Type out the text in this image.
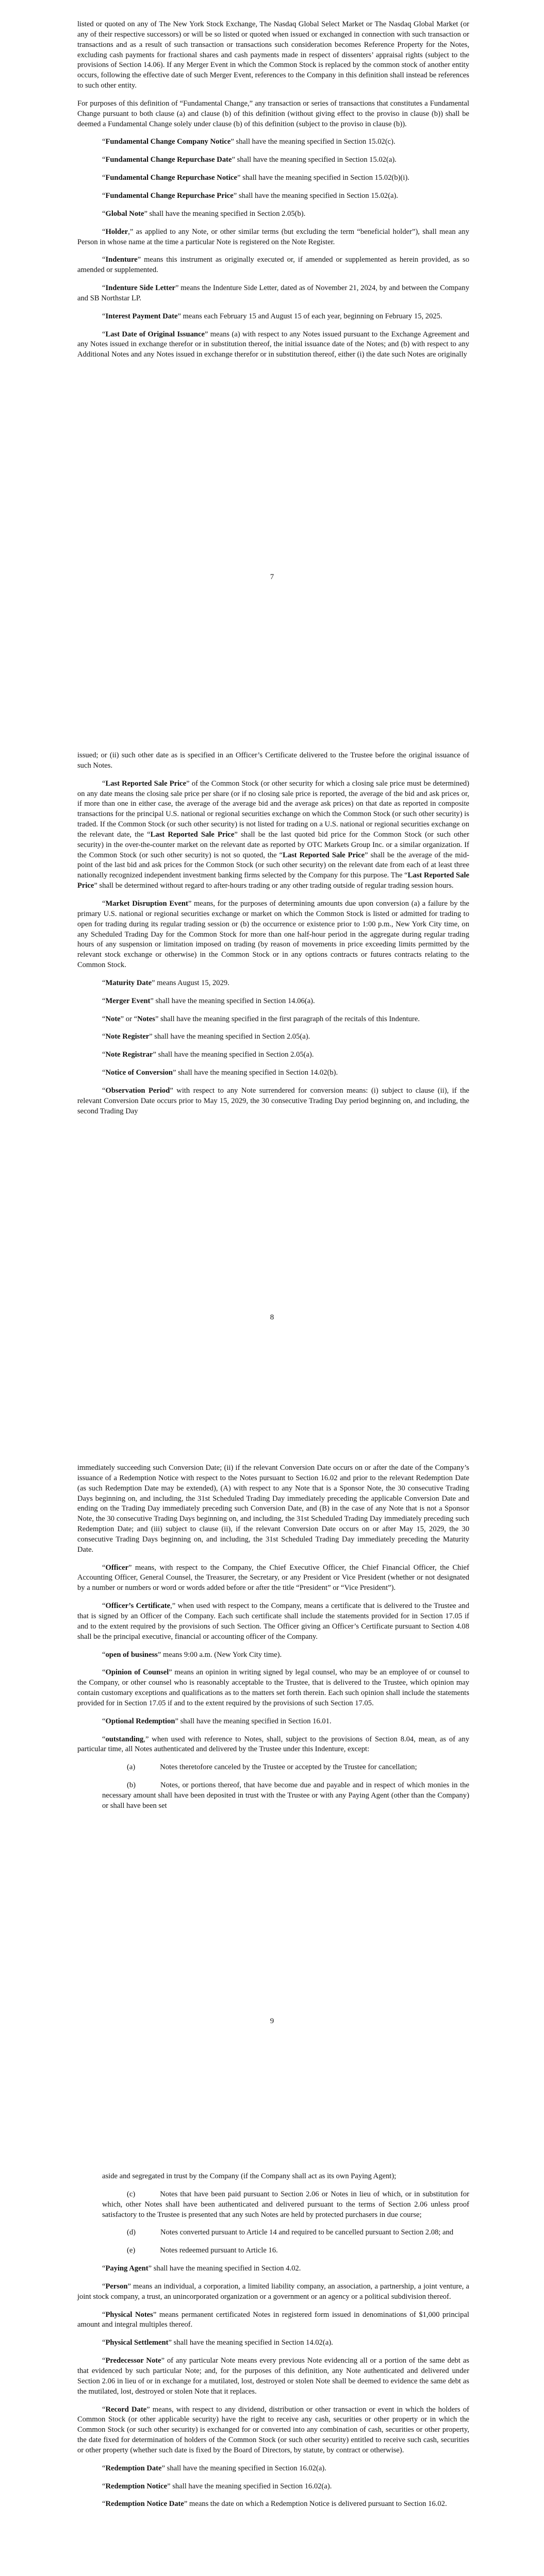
listed or quoted on any of The New York Stock Exchange, The Nasdaq Global Select Market or The Nasdaq Global Market (or any of their respective successors) or will be so listed or quoted when issued or exchanged in connection with such transaction or transactions and as a result of such transaction or transactions such consideration becomes Reference Property for the Notes, excluding cash payments for fractional shares and cash payments made in respect of dissenters’ appraisal rights (subject to the provisions of Section 14.06). If any Merger Event in which the Common Stock is replaced by the common stock of another entity occurs, following the effective date of such Merger Event, references to the Company in this definition shall instead be references to such other entity.

For purposes of this definition of “Fundamental Change,” any transaction or series of transactions that constitutes a Fundamental Change pursuant to both clause (a) and clause (b) of this definition (without giving effect to the proviso in clause (b)) shall be deemed a Fundamental Change solely under clause (b) of this definition (subject to the proviso in clause (b)).

“Fundamental Change Company Notice” shall have the meaning specified in Section 15.02(c).

“Fundamental Change Repurchase Date” shall have the meaning specified in Section 15.02(a).

“Fundamental Change Repurchase Notice” shall have the meaning specified in Section 15.02(b)(i).

“Fundamental Change Repurchase Price” shall have the meaning specified in Section 15.02(a).

“Global Note” shall have the meaning specified in Section 2.05(b).

“Holder,” as applied to any Note, or other similar terms (but excluding the term “beneficial holder”), shall mean any Person in whose name at the time a particular Note is registered on the Note Register.

“Indenture” means this instrument as originally executed or, if amended or supplemented as herein provided, as so amended or supplemented.

“Indenture Side Letter” means the Indenture Side Letter, dated as of November 21, 2024, by and between the Company and SB Northstar LP.

“Interest Payment Date” means each February 15 and August 15 of each year, beginning on February 15, 2025.

“Last Date of Original Issuance” means (a) with respect to any Notes issued pursuant to the Exchange Agreement and any Notes issued in exchange therefor or in substitution thereof, the initial issuance date of the Notes; and (b) with respect to any Additional Notes and any Notes issued in exchange therefor or in substitution thereof, either (i) the date such Notes are originally

7

issued; or (ii) such other date as is specified in an Officer’s Certificate delivered to the Trustee before the original issuance of such Notes.

“Last Reported Sale Price” of the Common Stock (or other security for which a closing sale price must be determined) on any date means the closing sale price per share (or if no closing sale price is reported, the average of the bid and ask prices or, if more than one in either case, the average of the average bid and the average ask prices) on that date as reported in composite transactions for the principal U.S. national or regional securities exchange on which the Common Stock (or such other security) is traded. If the Common Stock (or such other security) is not listed for trading on a U.S. national or regional securities exchange on the relevant date, the “Last Reported Sale Price” shall be the last quoted bid price for the Common Stock (or such other security) in the over-the-counter market on the relevant date as reported by OTC Markets Group Inc. or a similar organization. If the Common Stock (or such other security) is not so quoted, the “Last Reported Sale Price” shall be the average of the mid-point of the last bid and ask prices for the Common Stock (or such other security) on the relevant date from each of at least three nationally recognized independent investment banking firms selected by the Company for this purpose. The “Last Reported Sale Price” shall be determined without regard to after-hours trading or any other trading outside of regular trading session hours.

“Market Disruption Event” means, for the purposes of determining amounts due upon conversion (a) a failure by the primary U.S. national or regional securities exchange or market on which the Common Stock is listed or admitted for trading to open for trading during its regular trading session or (b) the occurrence or existence prior to 1:00 p.m., New York City time, on any Scheduled Trading Day for the Common Stock for more than one half-hour period in the aggregate during regular trading hours of any suspension or limitation imposed on trading (by reason of movements in price exceeding limits permitted by the relevant stock exchange or otherwise) in the Common Stock or in any options contracts or futures contracts relating to the Common Stock.

“Maturity Date” means August 15, 2029.

“Merger Event” shall have the meaning specified in Section 14.06(a).

“Note” or “Notes” shall have the meaning specified in the first paragraph of the recitals of this Indenture.

“Note Register” shall have the meaning specified in Section 2.05(a).

“Note Registrar” shall have the meaning specified in Section 2.05(a).

“Notice of Conversion” shall have the meaning specified in Section 14.02(b).

“Observation Period” with respect to any Note surrendered for conversion means: (i) subject to clause (ii), if the relevant Conversion Date occurs prior to May 15, 2029, the 30 consecutive Trading Day period beginning on, and including, the second Trading Day

8

immediately succeeding such Conversion Date; (ii) if the relevant Conversion Date occurs on or after the date of the Company’s issuance of a Redemption Notice with respect to the Notes pursuant to Section 16.02 and prior to the relevant Redemption Date (as such Redemption Date may be extended), (A) with respect to any Note that is a Sponsor Note, the 30 consecutive Trading Days beginning on, and including, the 31st Scheduled Trading Day immediately preceding the applicable Conversion Date and ending on the Trading Day immediately preceding such Conversion Date, and (B) in the case of any Note that is not a Sponsor Note, the 30 consecutive Trading Days beginning on, and including, the 31st Scheduled Trading Day immediately preceding such Redemption Date; and (iii) subject to clause (ii), if the relevant Conversion Date occurs on or after May 15, 2029, the 30 consecutive Trading Days beginning on, and including, the 31st Scheduled Trading Day immediately preceding the Maturity Date.

“Officer” means, with respect to the Company, the Chief Executive Officer, the Chief Financial Officer, the Chief Accounting Officer, General Counsel, the Treasurer, the Secretary, or any President or Vice President (whether or not designated by a number or numbers or word or words added before or after the title “President” or “Vice President”).

“Officer’s Certificate,” when used with respect to the Company, means a certificate that is delivered to the Trustee and that is signed by an Officer of the Company. Each such certificate shall include the statements provided for in Section 17.05 if and to the extent required by the provisions of such Section. The Officer giving an Officer’s Certificate pursuant to Section 4.08 shall be the principal executive, financial or accounting officer of the Company.

“open of business” means 9:00 a.m. (New York City time).

“Opinion of Counsel” means an opinion in writing signed by legal counsel, who may be an employee of or counsel to the Company, or other counsel who is reasonably acceptable to the Trustee, that is delivered to the Trustee, which opinion may contain customary exceptions and qualifications as to the matters set forth therein. Each such opinion shall include the statements provided for in Section 17.05 if and to the extent required by the provisions of such Section 17.05.

“Optional Redemption” shall have the meaning specified in Section 16.01.

“outstanding,” when used with reference to Notes, shall, subject to the provisions of Section 8.04, mean, as of any particular time, all Notes authenticated and delivered by the Trustee under this Indenture, except:

(a)	Notes theretofore canceled by the Trustee or accepted by the Trustee for cancellation;

(b)	Notes, or portions thereof, that have become due and payable and in respect of which monies in the necessary amount shall have been deposited in trust with the Trustee or with any Paying Agent (other than the Company) or shall have been set

9

aside and segregated in trust by the Company (if the Company shall act as its own Paying Agent);

(c)	Notes that have been paid pursuant to Section 2.06 or Notes in lieu of which, or in substitution for which, other Notes shall have been authenticated and delivered pursuant to the terms of Section 2.06 unless proof satisfactory to the Trustee is presented that any such Notes are held by protected purchasers in due course;

(d)	Notes converted pursuant to Article 14 and required to be cancelled pursuant to Section 2.08; and

(e)	Notes redeemed pursuant to Article 16.

“Paying Agent” shall have the meaning specified in Section 4.02.

“Person” means an individual, a corporation, a limited liability company, an association, a partnership, a joint venture, a joint stock company, a trust, an unincorporated organization or a government or an agency or a political subdivision thereof.

“Physical Notes” means permanent certificated Notes in registered form issued in denominations of $1,000 principal amount and integral multiples thereof.

“Physical Settlement” shall have the meaning specified in Section 14.02(a).

“Predecessor Note” of any particular Note means every previous Note evidencing all or a portion of the same debt as that evidenced by such particular Note; and, for the purposes of this definition, any Note authenticated and delivered under Section 2.06 in lieu of or in exchange for a mutilated, lost, destroyed or stolen Note shall be deemed to evidence the same debt as the mutilated, lost, destroyed or stolen Note that it replaces.

“Record Date” means, with respect to any dividend, distribution or other transaction or event in which the holders of Common Stock (or other applicable security) have the right to receive any cash, securities or other property or in which the Common Stock (or such other security) is exchanged for or converted into any combination of cash, securities or other property, the date fixed for determination of holders of the Common Stock (or such other security) entitled to receive such cash, securities or other property (whether such date is fixed by the Board of Directors, by statute, by contract or otherwise).

“Redemption Date” shall have the meaning specified in Section 16.02(a).

“Redemption Notice” shall have the meaning specified in Section 16.02(a).

“Redemption Notice Date” means the date on which a Redemption Notice is delivered pursuant to Section 16.02.
